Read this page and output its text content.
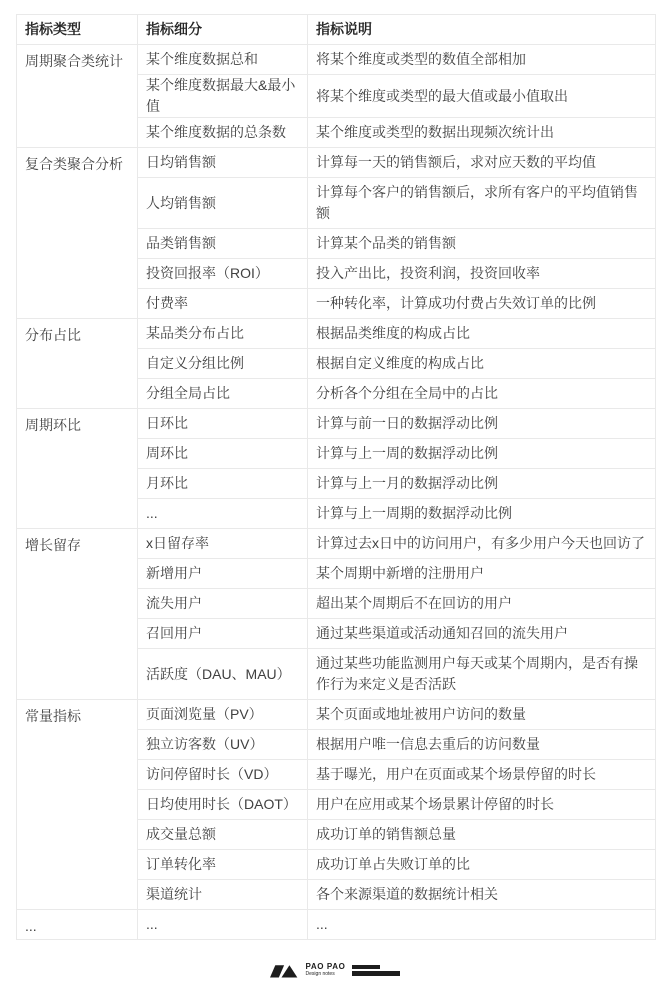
指标类型	指标细分	指标说明
周期聚合类统计	某个维度数据总和	将某个维度或类型的数值全部相加
	某个维度数据最大&最小值	将某个维度或类型的最大值或最小值取出
	某个维度数据的总条数	某个维度或类型的数据出现频次统计出
复合类聚合分析	日均销售额	计算每一天的销售额后，求对应天数的平均值
	人均销售额	计算每个客户的销售额后，求所有客户的平均值销售额
	品类销售额	计算某个品类的销售额
	投资回报率（ROI）	投入产出比，投资利润，投资回收率
	付费率	一种转化率，计算成功付费占失效订单的比例
分布占比	某品类分布占比	根据品类维度的构成占比
	自定义分组比例	根据自定义维度的构成占比
	分组全局占比	分析各个分组在全局中的占比
周期环比	日环比	计算与前一日的数据浮动比例
	周环比	计算与上一周的数据浮动比例
	月环比	计算与上一月的数据浮动比例
	...	计算与上一周期的数据浮动比例
增长留存	x日留存率	计算过去x日中的访问用户，有多少用户今天也回访了
	新增用户	某个周期中新增的注册用户
	流失用户	超出某个周期后不在回访的用户
	召回用户	通过某些渠道或活动通知召回的流失用户
	活跃度（DAU、MAU）	通过某些功能监测用户每天或某个周期内，是否有操作行为来定义是否活跃
常量指标	页面浏览量（PV）	某个页面或地址被用户访问的数量
	独立访客数（UV）	根据用户唯一信息去重后的访问数量
	访问停留时长（VD）	基于曝光，用户在页面或某个场景停留的时长
	日均使用时长（DAOT）	用户在应用或某个场景累计停留的时长
	成交量总额	成功订单的销售额总量
	订单转化率	成功订单占失败订单的比
	渠道统计	各个来源渠道的数据统计相关
...	...	...
PAO PAO
Design notes
